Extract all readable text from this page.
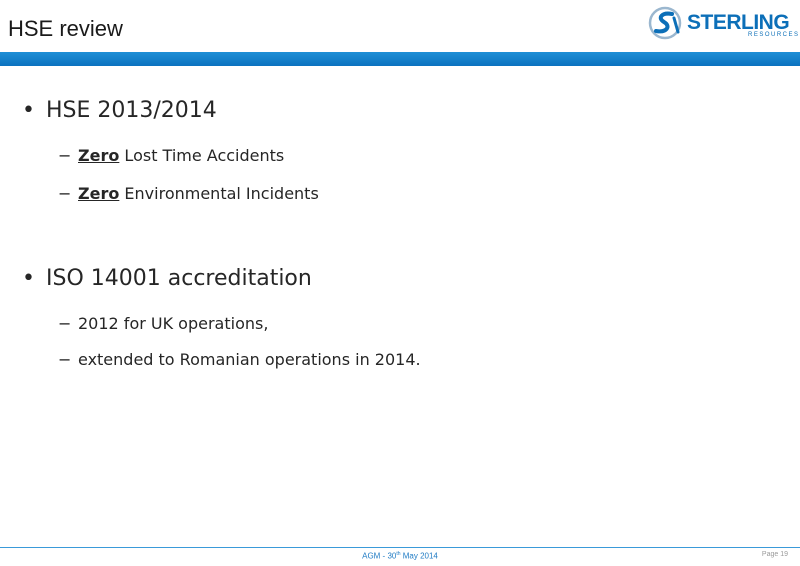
HSE review	STERLING
RESOURCES
• HSE 2013/2014
− Zero Lost Time Accidents
− Zero Environmental Incidents
• ISO 14001 accreditation
− 2012 for UK operations,
− extended to Romanian operations in 2014.
AGM - 30th May 2014	Page 19
